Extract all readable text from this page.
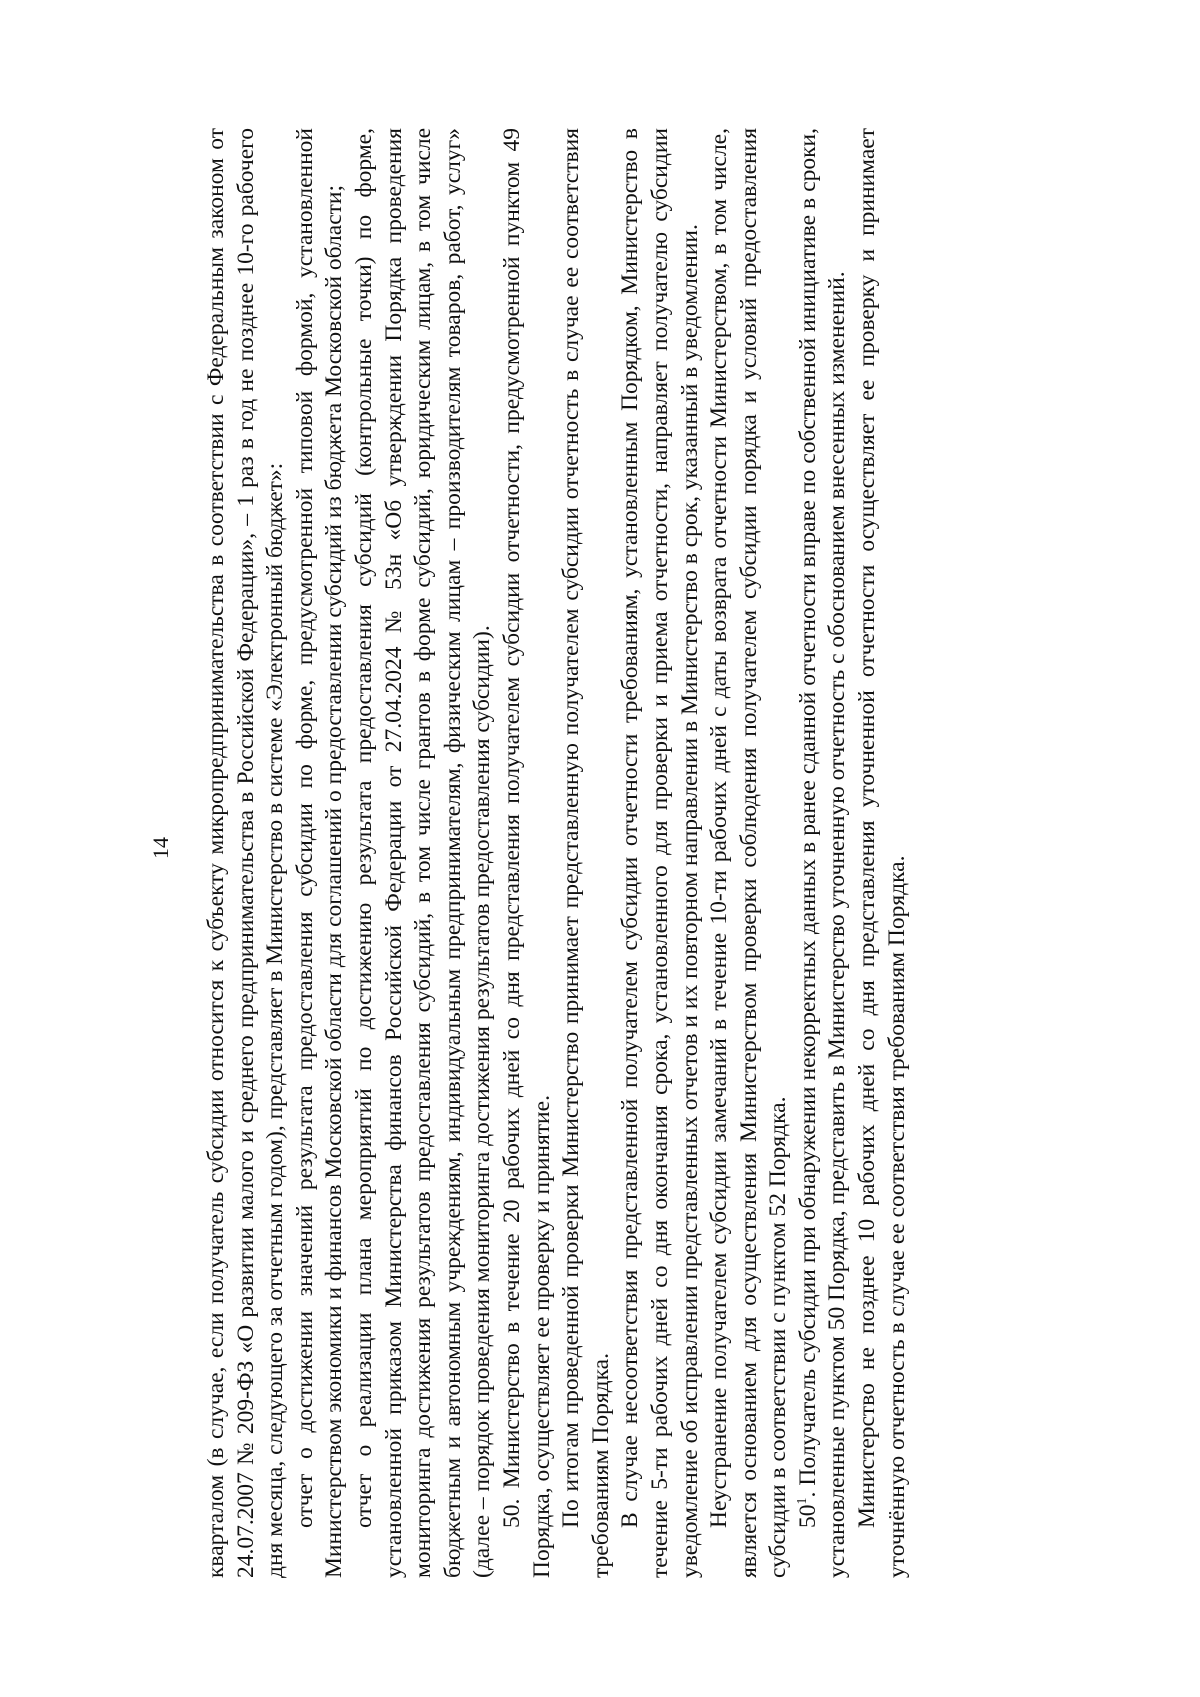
14 кварталом (в случае, если получатель субсидии относится к субъекту микропредпринимательства в соответствии с Федеральным законом от 24.07.2007 № 209-ФЗ «О развитии малого и среднего предпринимательства в Российской Федерации», – 1 раз в год не позднее 10-го рабочего дня месяца, следующего за отчетным годом), представляет в Министерство в системе «Электронный бюджет»: отчет о достижении значений результата предоставления субсидии по форме, предусмотренной типовой формой, установленной Министерством экономики и финансов Московской области для соглашений о предоставлении субсидий из бюджета Московской области; отчет о реализации плана мероприятий по достижению результата предоставления субсидий (контрольные точки) по форме, установленной приказом Министерства финансов Российской Федерации от 27.04.2024 № 53н «Об утверждении Порядка проведения мониторинга достижения результатов предоставления субсидий, в том числе грантов в форме субсидий, юридическим лицам, в том числе бюджетным и автономным учреждениям, индивидуальным предпринимателям, физическим лицам – производителям товаров, работ, услуг» (далее – порядок проведения мониторинга достижения результатов предоставления субсидии). 50. Министерство в течение 20 рабочих дней со дня представления получателем субсидии отчетности, предусмотренной пунктом 49 Порядка, осуществляет ее проверку и принятие. По итогам проведенной проверки Министерство принимает представленную получателем субсидии отчетность в случае ее соответствия требованиям Порядка. В случае несоответствия представленной получателем субсидии отчетности требованиям, установленным Порядком, Министерство в течение 5-ти рабочих дней со дня окончания срока, установленного для проверки и приема отчетности, направляет получателю субсидии уведомление об исправлении представленных отчетов и их повторном направлении в Министерство в срок, указанный в уведомлении. Неустранение получателем субсидии замечаний в течение 10-ти рабочих дней с даты возврата отчетности Министерством, в том числе, является основанием для осуществления Министерством проверки соблюдения получателем субсидии порядка и условий предоставления субсидии в соответствии с пунктом 52 Порядка. $50^1$. Получатель субсидии при обнаружении некорректных данных в ранее сданной отчетности вправе по собственной инициативе в сроки, установленные пунктом 50 Порядка, представить в Министерство уточненную отчетность с обоснованием внесенных изменений. Министерство не позднее 10 рабочих дней со дня представления уточненной отчетности осуществляет ее проверку и принимает уточнённую отчетность в случае ее соответствия требованиям Порядка.
